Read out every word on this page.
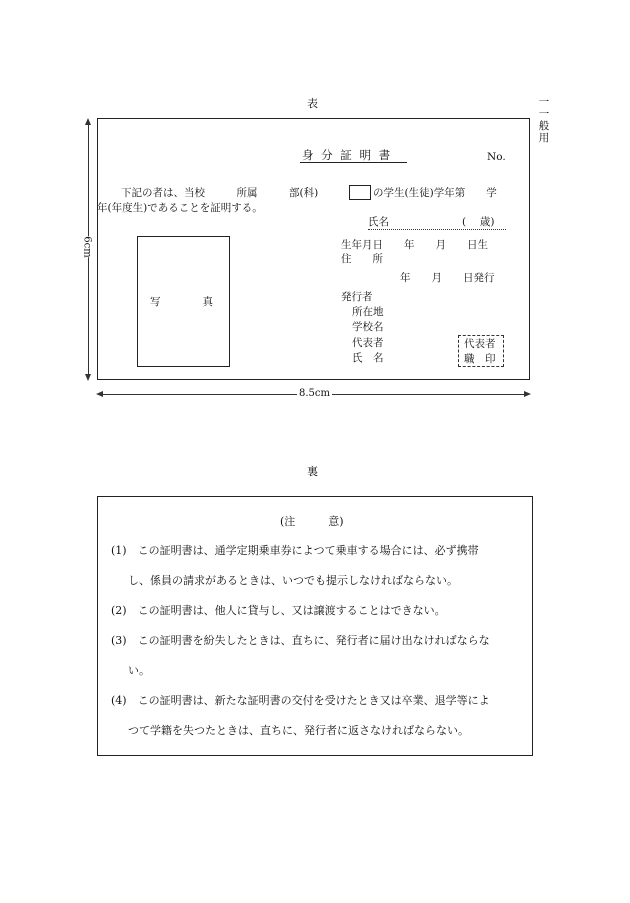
表	一一般用
身 分 証 明 書	No.
下記の者は、当校　　　所属　　　部(科)	の学生(生徒)学年第　　学
年(年度生)であることを証明する。
氏名	(　 歳)
生年月日　　年　　月　　日生
住　　所
年　　月　　日発行
写　　　　真	発行者
所在地
学校名
代表者
氏　名
代表者
職　印
8.5cm
6cm
裏
(注　　　意)
(1)　この証明書は、通学定期乗車券によつて乗車する場合には、必ず携帯
し、係員の請求があるときは、いつでも提示しなければならない。
(2)　この証明書は、他人に貸与し、又は譲渡することはできない。
(3)　この証明書を紛失したときは、直ちに、発行者に届け出なければならな
い。
(4)　この証明書は、新たな証明書の交付を受けたとき又は卒業、退学等によ
つて学籍を失つたときは、直ちに、発行者に返さなければならない。
